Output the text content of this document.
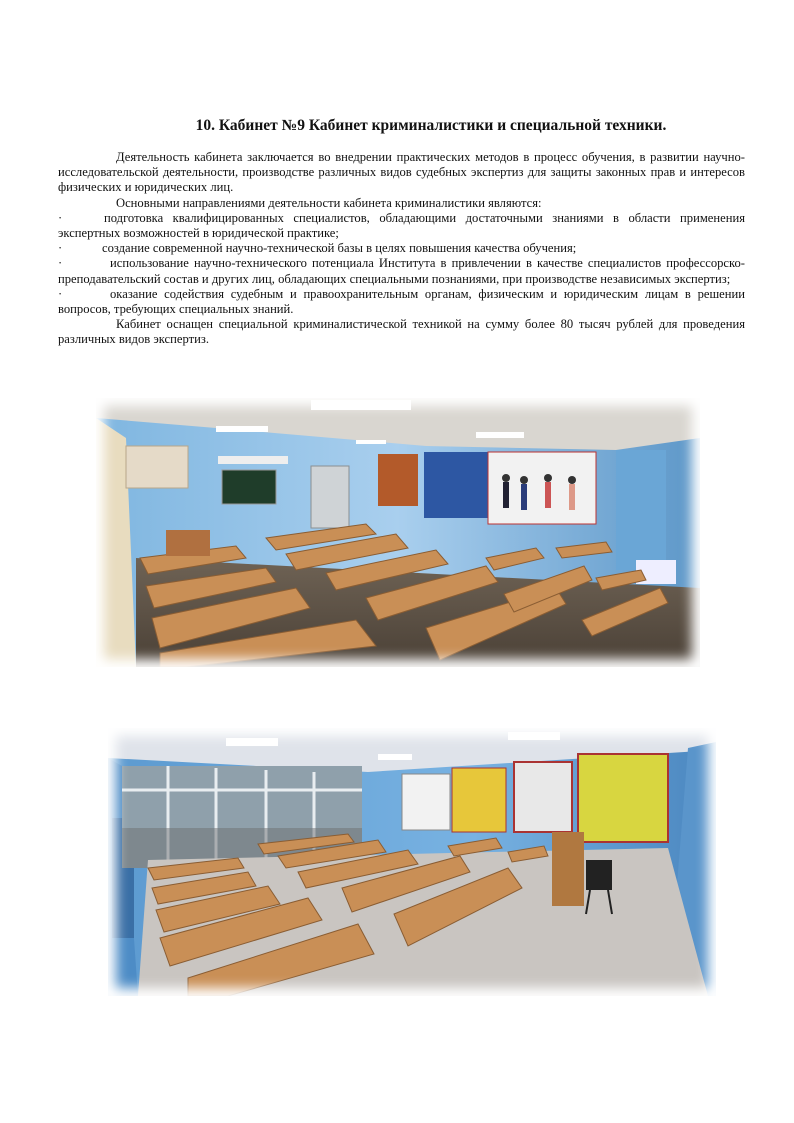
10. Кабинет №9 Кабинет криминалистики и специальной техники.

Деятельность кабинета заключается во внедрении практических методов в процесс обучения, в развитии научно-исследовательской деятельности, производстве различных видов судебных экспертиз для защиты законных прав и интересов физических и юридических лиц.

Основными направлениями деятельности кабинета криминалистики являются:

·	подготовка квалифицированных специалистов, обладающими достаточными знаниями в области применения экспертных возможностей в юридической практике;

·	создание современной научно-технической базы в целях повышения качества обучения;

·	использование научно-технического потенциала Института в привлечении в качестве специалистов профессорско-преподавательский состав и других лиц, обладающих специальными познаниями, при производстве независимых экспертиз;

·	оказание содействия судебным и правоохранительным органам, физическим и юридическим лицам в решении вопросов, требующих специальных знаний.

Кабинет оснащен специальной криминалистической техникой на сумму более 80 тысяч рублей для проведения различных видов экспертиз.
